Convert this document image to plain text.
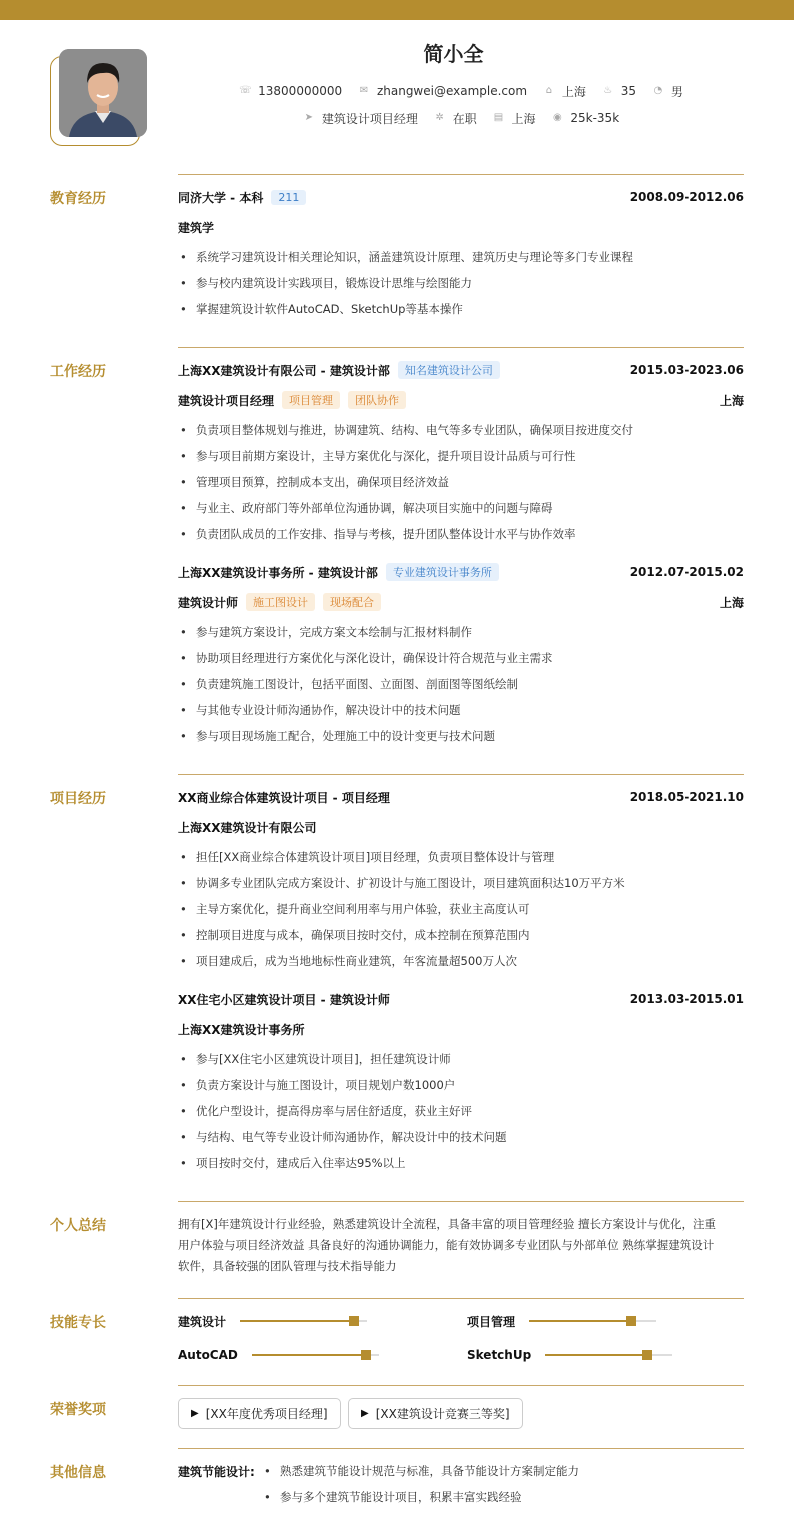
简小全
☏ 13800000000
✉ zhangwei@example.com
⌂ 上海
♨ 35
◔ 男
➤ 建筑设计项目经理
✲ 在职
▤ 上海
◉ 25k-35k
教育经历	同济大学 - 本科	211	2008.09-2012.06
建筑学
• 系统学习建筑设计相关理论知识，涵盖建筑设计原理、建筑历史与理论等多门专业课程
• 参与校内建筑设计实践项目，锻炼设计思维与绘图能力
• 掌握建筑设计软件AutoCAD、SketchUp等基本操作
工作经历	上海XX建筑设计有限公司 - 建筑设计部	知名建筑设计公司	2015.03-2023.06
建筑设计项目经理	项目管理	团队协作	上海
• 负责项目整体规划与推进，协调建筑、结构、电气等多专业团队，确保项目按进度交付
• 参与项目前期方案设计，主导方案优化与深化，提升项目设计品质与可行性
• 管理项目预算，控制成本支出，确保项目经济效益
• 与业主、政府部门等外部单位沟通协调，解决项目实施中的问题与障碍
• 负责团队成员的工作安排、指导与考核，提升团队整体设计水平与协作效率
上海XX建筑设计事务所 - 建筑设计部	专业建筑设计事务所	2012.07-2015.02
建筑设计师	施工图设计	现场配合	上海
• 参与建筑方案设计，完成方案文本绘制与汇报材料制作
• 协助项目经理进行方案优化与深化设计，确保设计符合规范与业主需求
• 负责建筑施工图设计，包括平面图、立面图、剖面图等图纸绘制
• 与其他专业设计师沟通协作，解决设计中的技术问题
• 参与项目现场施工配合，处理施工中的设计变更与技术问题
项目经历	XX商业综合体建筑设计项目 - 项目经理	2018.05-2021.10
上海XX建筑设计有限公司
• 担任[XX商业综合体建筑设计项目]项目经理，负责项目整体设计与管理
• 协调多专业团队完成方案设计、扩初设计与施工图设计，项目建筑面积达10万平方米
• 主导方案优化，提升商业空间利用率与用户体验，获业主高度认可
• 控制项目进度与成本，确保项目按时交付，成本控制在预算范围内
• 项目建成后，成为当地地标性商业建筑，年客流量超500万人次
XX住宅小区建筑设计项目 - 建筑设计师	2013.03-2015.01
上海XX建筑设计事务所
• 参与[XX住宅小区建筑设计项目]，担任建筑设计师
• 负责方案设计与施工图设计，项目规划户数1000户
• 优化户型设计，提高得房率与居住舒适度，获业主好评
• 与结构、电气等专业设计师沟通协作，解决设计中的技术问题
• 项目按时交付，建成后入住率达95%以上
个人总结	拥有[X]年建筑设计行业经验，熟悉建筑设计全流程，具备丰富的项目管理经验 擅长方案设计与优化，注重
用户体验与项目经济效益 具备良好的沟通协调能力，能有效协调多专业团队与外部单位 熟练掌握建筑设计
软件，具备较强的团队管理与技术指导能力
技能专长	建筑设计	项目管理
AutoCAD	SketchUp
荣誉奖项	▶ [XX年度优秀项目经理]	▶ [XX建筑设计竞赛三等奖]
其他信息	建筑节能设计:
•	熟悉建筑节能设计规范与标准，具备节能设计方案制定能力
• 参与多个建筑节能设计项目，积累丰富实践经验
